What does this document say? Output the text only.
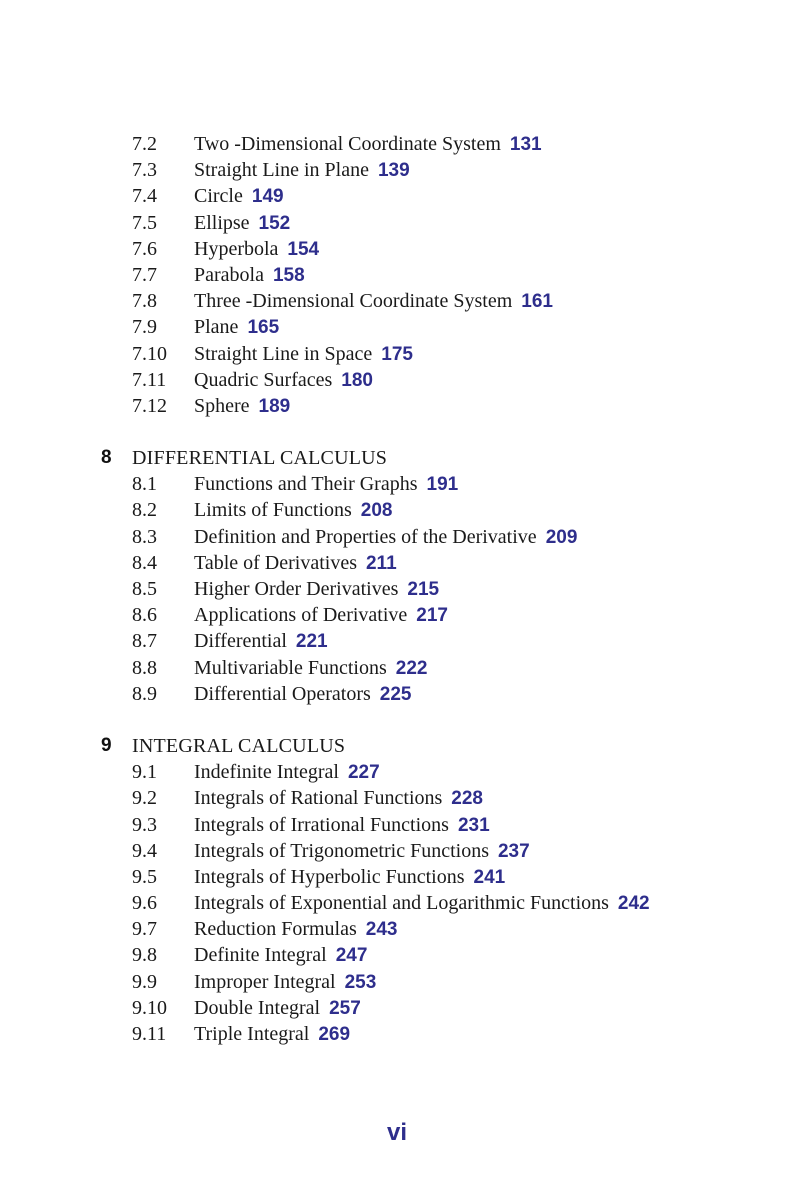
7.2 Two -Dimensional Coordinate System 131
7.3 Straight Line in Plane 139
7.4 Circle 149
7.5 Ellipse 152
7.6 Hyperbola 154
7.7 Parabola 158
7.8 Three -Dimensional Coordinate System 161
7.9 Plane 165
7.10 Straight Line in Space 175
7.11 Quadric Surfaces 180
7.12 Sphere 189
8 DIFFERENTIAL CALCULUS
8.1 Functions and Their Graphs 191
8.2 Limits of Functions 208
8.3 Definition and Properties of the Derivative 209
8.4 Table of Derivatives 211
8.5 Higher Order Derivatives 215
8.6 Applications of Derivative 217
8.7 Differential 221
8.8 Multivariable Functions 222
8.9 Differential Operators 225
9 INTEGRAL CALCULUS
9.1 Indefinite Integral 227
9.2 Integrals of Rational Functions 228
9.3 Integrals of Irrational Functions 231
9.4 Integrals of Trigonometric Functions 237
9.5 Integrals of Hyperbolic Functions 241
9.6 Integrals of Exponential and Logarithmic Functions 242
9.7 Reduction Formulas 243
9.8 Definite Integral 247
9.9 Improper Integral 253
9.10 Double Integral 257
9.11 Triple Integral 269
vi
